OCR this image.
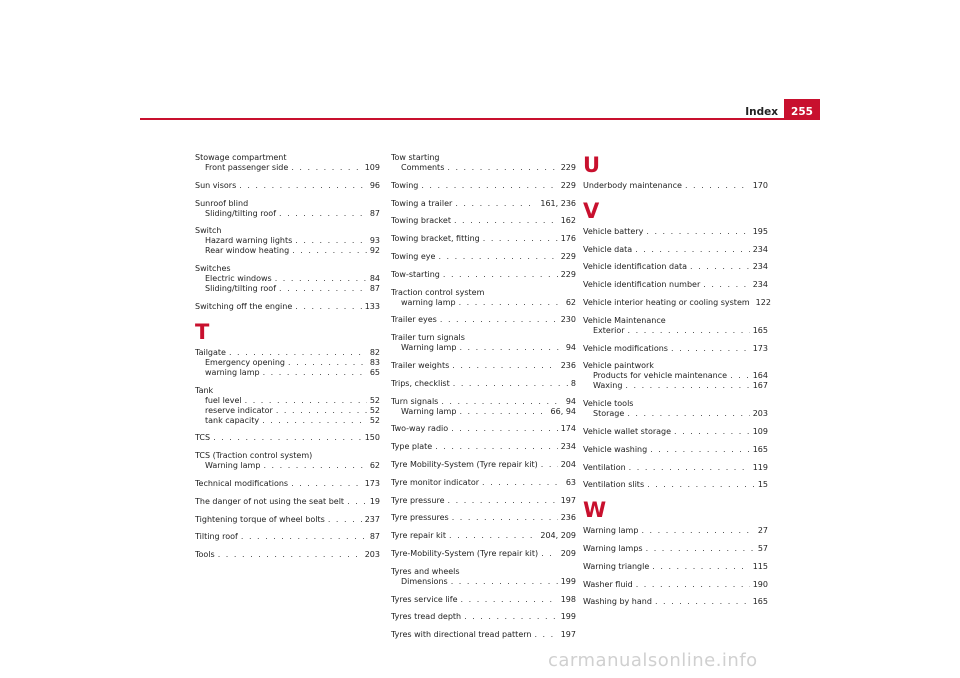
Index	255
Stowage compartment
Front passenger side . . .	109
Sun visors . . .	96
Sunroof blind
Sliding/tilting roof . . .	87
Switch
Hazard warning lights . . .	93
Rear window heating . . .	92
Switches
Electric windows . . .	84
Sliding/tilting roof . . .	87
Switching off the engine . . .	133
T
Tailgate . . .	82
Emergency opening . . .	83
warning lamp . . .	65
Tank
fuel level . . .	52
reserve indicator . . .	52
tank capacity . . .	52
TCS . . .	150
TCS (Traction control system)
Warning lamp . . .	62
Technical modifications . . .	173
The danger of not using the seat belt . . .	19
Tightening torque of wheel bolts . . .	237
Tilting roof . . .	87
Tools . . .	203
Tow starting
Comments . . .	229
Towing . . .	229
Towing a trailer . . .	161, 236
Towing bracket . . .	162
Towing bracket, fitting . . .	176
Towing eye . . .	229
Tow-starting . . .	229
Traction control system
warning lamp . . .	62
Trailer eyes . . .	230
Trailer turn signals
Warning lamp . . .	94
Trailer weights . . .	236
Trips, checklist . . .	8
Turn signals . . .	94
Warning lamp . . .	66, 94
Two-way radio . . .	174
Type plate . . .	234
Tyre Mobility-System (Tyre repair kit) . . .	204
Tyre monitor indicator . . .	63
Tyre pressure . . .	197
Tyre pressures . . .	236
Tyre repair kit . . .	204, 209
Tyre-Mobility-System (Tyre repair kit) . . .	209
Tyres and wheels
Dimensions . . .	199
Tyres service life . . .	198
Tyres tread depth . . .	199
Tyres with directional tread pattern . . .	197
U
Underbody maintenance . . .	170
V
Vehicle battery . . .	195
Vehicle data . . .	234
Vehicle identification data . . .	234
Vehicle identification number . . .	234
Vehicle interior heating or cooling system 122
Vehicle Maintenance
Exterior . . .	165
Vehicle modifications . . .	173
Vehicle paintwork
Products for vehicle maintenance . . .	164
Waxing . . .	167
Vehicle tools
Storage . . .	203
Vehicle wallet storage . . .	109
Vehicle washing . . .	165
Ventilation . . .	119
Ventilation slits . . .	15
W
Warning lamp . . .	27
Warning lamps . . .	57
Warning triangle . . .	115
Washer fluid . . .	190
Washing by hand . . .	165
carmanualsonline.info
